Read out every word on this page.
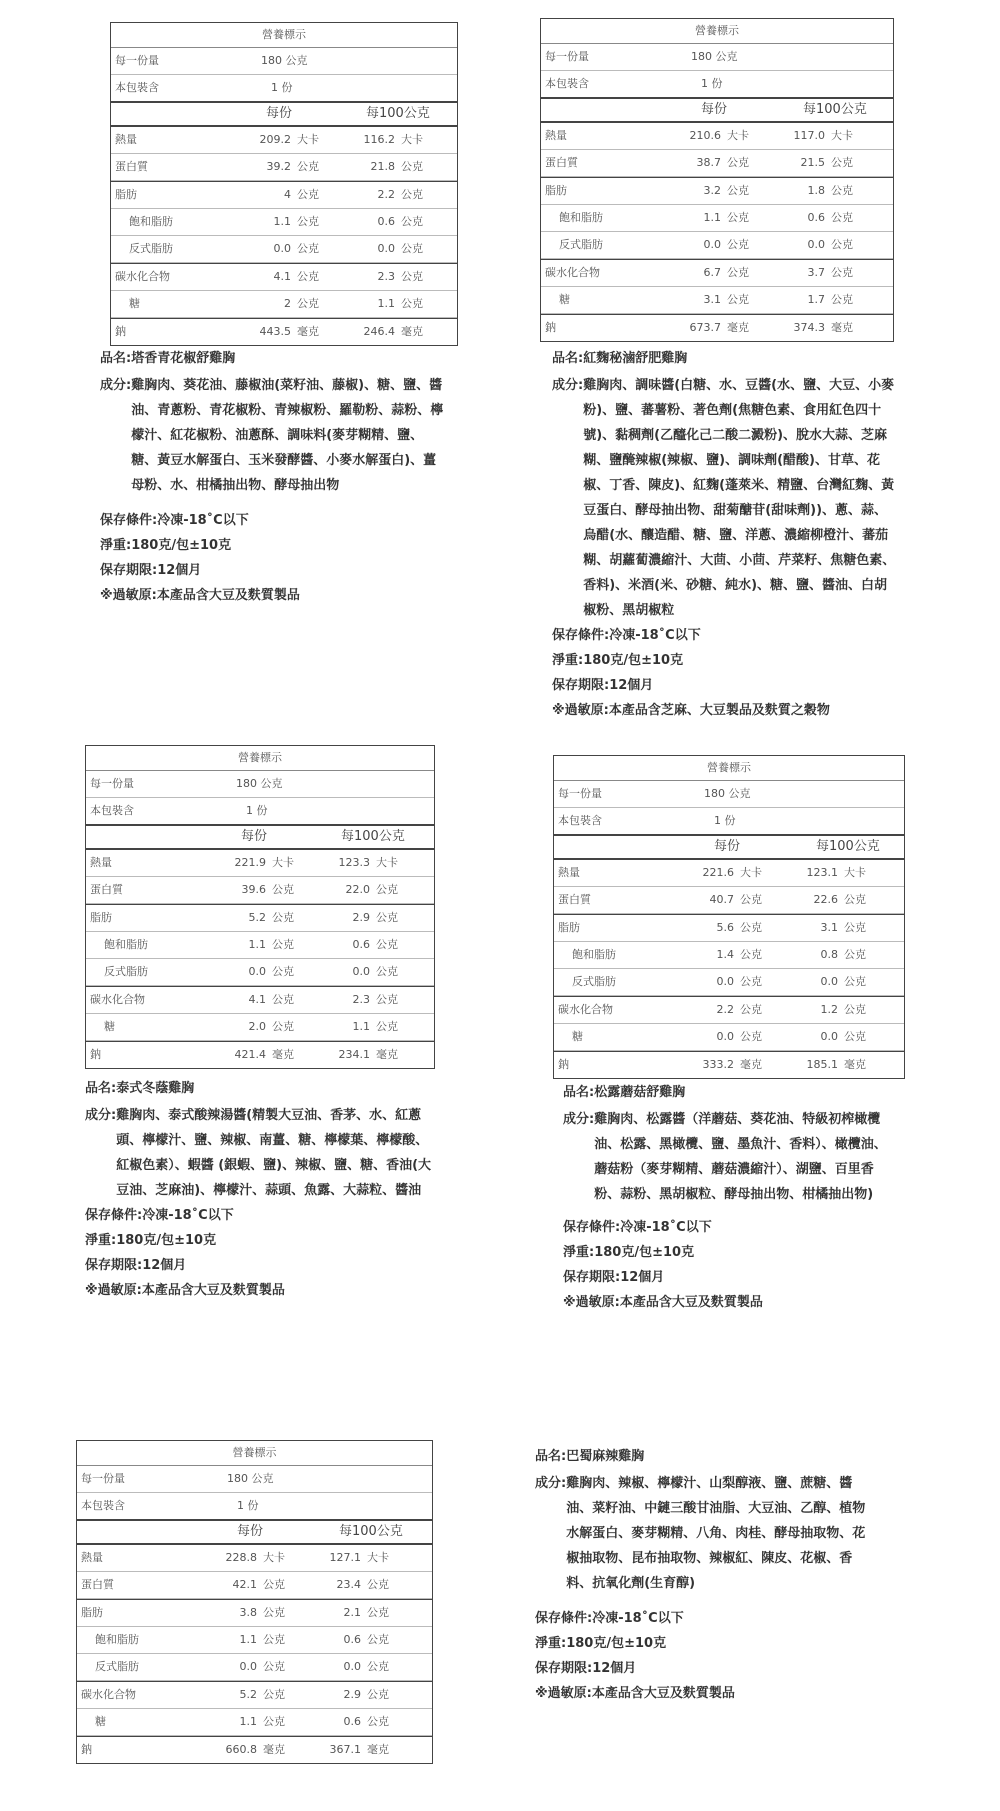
營養標示
每一份量	180 公克
本包裝含	1 份
每份	每100公克
熱量	209.2 大卡	116.2 大卡
蛋白質	39.2 公克	21.8 公克
脂肪	4 公克	2.2 公克
飽和脂肪	1.1 公克	0.6 公克
反式脂肪	0.0 公克	0.0 公克
碳水化合物	4.1 公克	2.3 公克
糖	2 公克	1.1 公克
鈉	443.5 毫克	246.4 毫克
營養標示
每一份量	180 公克
本包裝含	1 份
每份	每100公克
熱量	210.6 大卡	117.0 大卡
蛋白質	38.7 公克	21.5 公克
脂肪	3.2 公克	1.8 公克
飽和脂肪	1.1 公克	0.6 公克
反式脂肪	0.0 公克	0.0 公克
碳水化合物	6.7 公克	3.7 公克
糖	3.1 公克	1.7 公克
鈉	673.7 毫克	374.3 毫克
營養標示
每一份量	180 公克
本包裝含	1 份
每份	每100公克
熱量	221.9 大卡	123.3 大卡
蛋白質	39.6 公克	22.0 公克
脂肪	5.2 公克	2.9 公克
飽和脂肪	1.1 公克	0.6 公克
反式脂肪	0.0 公克	0.0 公克
碳水化合物	4.1 公克	2.3 公克
糖	2.0 公克	1.1 公克
鈉	421.4 毫克	234.1 毫克
營養標示
每一份量	180 公克
本包裝含	1 份
每份	每100公克
熱量	221.6 大卡	123.1 大卡
蛋白質	40.7 公克	22.6 公克
脂肪	5.6 公克	3.1 公克
飽和脂肪	1.4 公克	0.8 公克
反式脂肪	0.0 公克	0.0 公克
碳水化合物	2.2 公克	1.2 公克
糖	0.0 公克	0.0 公克
鈉	333.2 毫克	185.1 毫克
營養標示
每一份量	180 公克
本包裝含	1 份
每份	每100公克
熱量	228.8 大卡	127.1 大卡
蛋白質	42.1 公克	23.4 公克
脂肪	3.8 公克	2.1 公克
飽和脂肪	1.1 公克	0.6 公克
反式脂肪	0.0 公克	0.0 公克
碳水化合物	5.2 公克	2.9 公克
糖	1.1 公克	0.6 公克
鈉	660.8 毫克	367.1 毫克
品名:塔香青花椒舒雞胸
成分: 雞胸肉、葵花油、藤椒油(菜籽油、藤椒)、糖、鹽、醬油、青蔥粉、青花椒粉、青辣椒粉、羅勒粉、蒜粉、檸檬汁、紅花椒粉、油蔥酥、調味料(麥芽糊精、鹽、糖、黃豆水解蛋白、玉米發酵醬、小麥水解蛋白)、薑母粉、水、柑橘抽出物、酵母抽出物
保存條件:冷凍-18˚C以下
淨重:180克/包±10克
保存期限:12個月
※過敏原:本產品含大豆及麩質製品
品名:紅麴秘滷舒肥雞胸
成分: 雞胸肉、調味醬(白糖、水、豆醬(水、鹽、大豆、小麥粉)、鹽、蕃薯粉、著色劑(焦糖色素、食用紅色四十號)、黏稠劑(乙醯化己二酸二澱粉)、脫水大蒜、芝麻糊、鹽醃辣椒(辣椒、鹽)、調味劑(醋酸)、甘草、花椒、丁香、陳皮)、紅麴(蓬萊米、精鹽、台灣紅麴、黃豆蛋白、酵母抽出物、甜菊醣苷(甜味劑))、蔥、蒜、烏醋(水、釀造醋、糖、鹽、洋蔥、濃縮柳橙汁、蕃茄糊、胡蘿蔔濃縮汁、大茴、小茴、芹菜籽、焦糖色素、香料)、米酒(米、砂糖、純水)、糖、鹽、醬油、白胡椒粉、黑胡椒粒
保存條件:冷凍-18˚C以下
淨重:180克/包±10克
保存期限:12個月
※過敏原:本產品含芝麻、大豆製品及麩質之穀物
品名:泰式冬蔭雞胸
成分: 雞胸肉、泰式酸辣湯醬(精製大豆油、香茅、水、紅蔥頭、檸檬汁、鹽、辣椒、南薑、糖、檸檬葉、檸檬酸、紅椒色素）、蝦醬 (銀蝦、鹽)、辣椒、鹽、糖、香油(大豆油、芝麻油)、檸檬汁、蒜頭、魚露、大蒜粒、醬油
保存條件:冷凍-18˚C以下
淨重:180克/包±10克
保存期限:12個月
※過敏原:本產品含大豆及麩質製品
品名:松露蘑菇舒雞胸
成分: 雞胸肉、松露醬（洋蘑菇、葵花油、特級初榨橄欖油、松露、黑橄欖、鹽、墨魚汁、香料）、橄欖油、蘑菇粉（麥芽糊精、蘑菇濃縮汁）、湖鹽、百里香粉、蒜粉、黑胡椒粒、酵母抽出物、柑橘抽出物)
保存條件:冷凍-18˚C以下
淨重:180克/包±10克
保存期限:12個月
※過敏原:本產品含大豆及麩質製品
品名:巴蜀麻辣雞胸
成分: 雞胸肉、辣椒、檸檬汁、山梨醇液、鹽、蔗糖、醬油、菜籽油、中鏈三酸甘油脂、大豆油、乙醇、植物水解蛋白、麥芽糊精、八角、肉桂、酵母抽取物、花椒抽取物、昆布抽取物、辣椒紅、陳皮、花椒、香料、抗氧化劑(生育醇)
保存條件:冷凍-18˚C以下
淨重:180克/包±10克
保存期限:12個月
※過敏原:本產品含大豆及麩質製品
